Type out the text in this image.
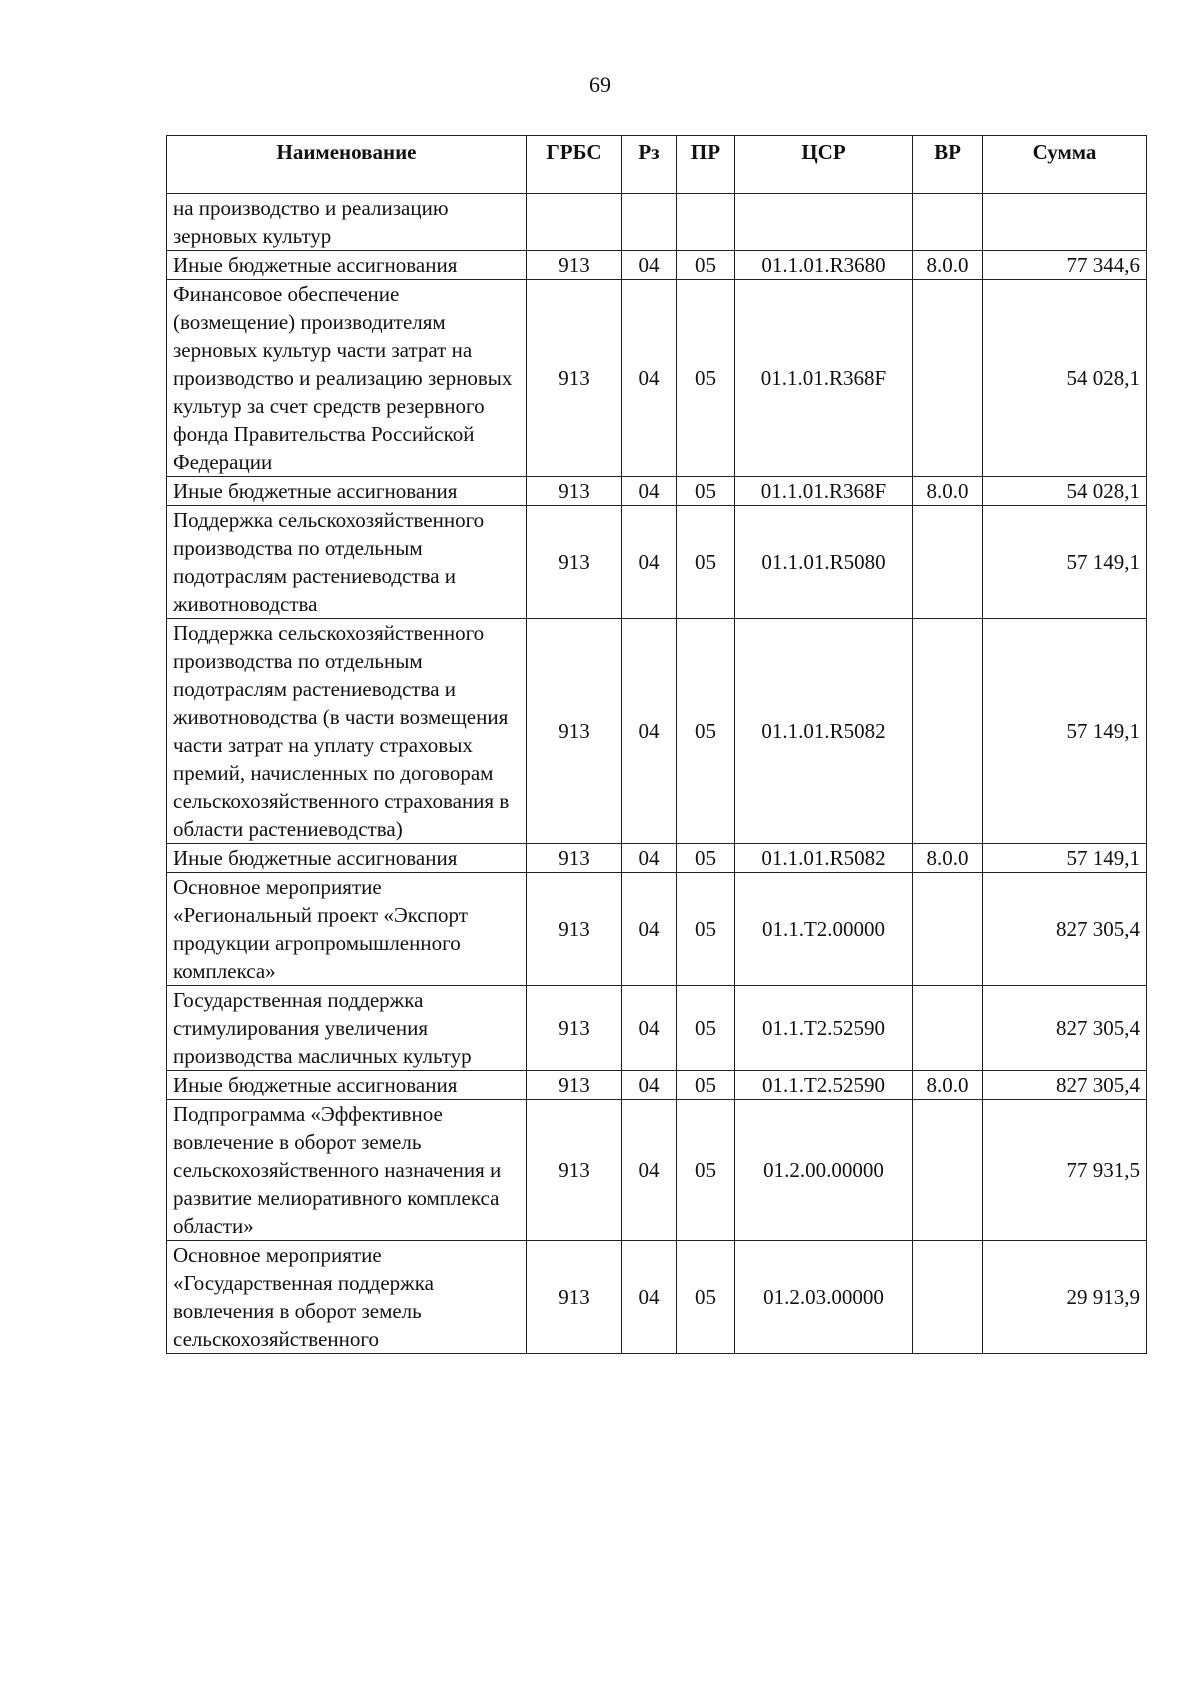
69
Наименование	ГРБС	Рз	ПР	ЦСР	ВР	Сумма
на производство и реализацию зерновых культур						
Иные бюджетные ассигнования	913	04	05	01.1.01.R3680	8.0.0	77 344,6
Финансовое обеспечение (возмещение) производителям зерновых культур части затрат на производство и реализацию зерновых культур за счет средств резервного фонда Правительства Российской Федерации	913	04	05	01.1.01.R368F		54 028,1
Иные бюджетные ассигнования	913	04	05	01.1.01.R368F	8.0.0	54 028,1
Поддержка сельскохозяйственного производства по отдельным подотраслям растениеводства и животноводства	913	04	05	01.1.01.R5080		57 149,1
Поддержка сельскохозяйственного производства по отдельным подотраслям растениеводства и животноводства (в части возмещения части затрат на уплату страховых премий, начисленных по договорам сельскохозяйственного страхования в области растениеводства)	913	04	05	01.1.01.R5082		57 149,1
Иные бюджетные ассигнования	913	04	05	01.1.01.R5082	8.0.0	57 149,1
Основное мероприятие «Региональный проект «Экспорт продукции агропромышленного комплекса»	913	04	05	01.1.T2.00000		827 305,4
Государственная поддержка стимулирования увеличения производства масличных культур	913	04	05	01.1.T2.52590		827 305,4
Иные бюджетные ассигнования	913	04	05	01.1.T2.52590	8.0.0	827 305,4
Подпрограмма «Эффективное вовлечение в оборот земель сельскохозяйственного назначения и развитие мелиоративного комплекса области»	913	04	05	01.2.00.00000		77 931,5
Основное мероприятие «Государственная поддержка вовлечения в оборот земель сельскохозяйственного	913	04	05	01.2.03.00000		29 913,9
